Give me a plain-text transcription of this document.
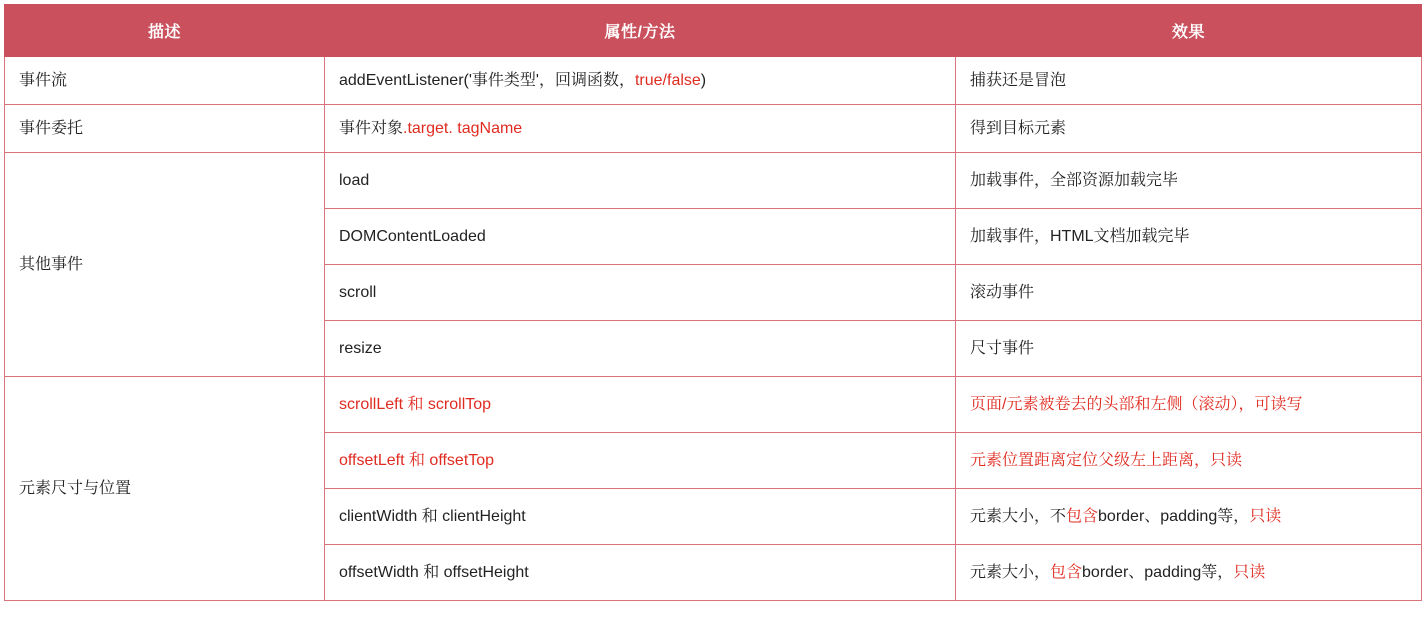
描述	属性/方法	效果
事件流	addEventListener('事件类型'，回调函数，true/false)	捕获还是冒泡
事件委托	事件对象.target. tagName	得到目标元素
其他事件	load	加载事件，全部资源加载完毕
	DOMContentLoaded	加载事件，HTML文档加载完毕
	scroll	滚动事件
	resize	尺寸事件
元素尺寸与位置	scrollLeft 和 scrollTop	页面/元素被卷去的头部和左侧（滚动），可读写
	offsetLeft 和 offsetTop	元素位置距离定位父级左上距离，只读
	clientWidth 和 clientHeight	元素大小，不包含border、padding等，只读
	offsetWidth 和 offsetHeight	元素大小，包含border、padding等，只读
